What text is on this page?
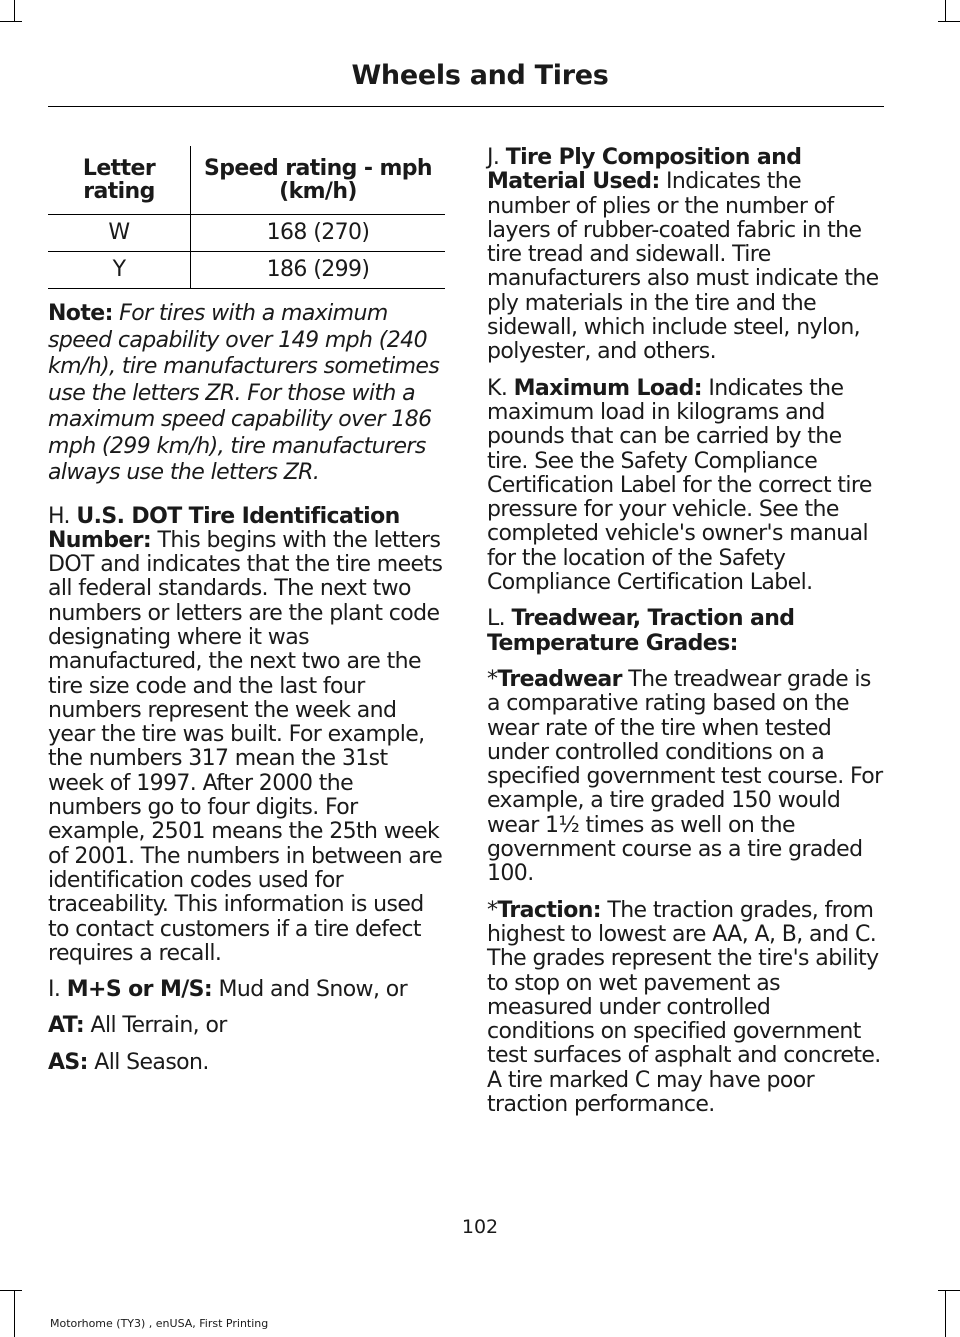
Wheels and Tires
Letter rating	Speed rating - mph (km/h)
W	168 (270)
Y	186 (299)

Note: For tires with a maximum speed capability over 149 mph (240 km/h), tire manufacturers sometimes use the letters ZR. For those with a maximum speed capability over 186 mph (299 km/h), tire manufacturers always use the letters ZR.

H. U.S. DOT Tire Identification Number: This begins with the letters DOT and indicates that the tire meets all federal standards. The next two numbers or letters are the plant code designating where it was manufactured, the next two are the tire size code and the last four numbers represent the week and year the tire was built. For example, the numbers 317 mean the 31st week of 1997. After 2000 the numbers go to four digits. For example, 2501 means the 25th week of 2001. The numbers in between are identification codes used for traceability. This information is used to contact customers if a tire defect requires a recall.

I. M+S or M/S: Mud and Snow, or

AT: All Terrain, or

AS: All Season.

J. Tire Ply Composition and Material Used: Indicates the number of plies or the number of layers of rubber-coated fabric in the tire tread and sidewall. Tire manufacturers also must indicate the ply materials in the tire and the sidewall, which include steel, nylon, polyester, and others.

K. Maximum Load: Indicates the maximum load in kilograms and pounds that can be carried by the tire. See the Safety Compliance Certification Label for the correct tire pressure for your vehicle. See the completed vehicle's owner's manual for the location of the Safety Compliance Certification Label.

L. Treadwear, Traction and Temperature Grades:

*Treadwear The treadwear grade is a comparative rating based on the wear rate of the tire when tested under controlled conditions on a specified government test course. For example, a tire graded 150 would wear 1½ times as well on the government course as a tire graded 100.

*Traction: The traction grades, from highest to lowest are AA, A, B, and C. The grades represent the tire's ability to stop on wet pavement as measured under controlled conditions on specified government test surfaces of asphalt and concrete. A tire marked C may have poor traction performance.

102
Motorhome (TY3) , enUSA, First Printing
